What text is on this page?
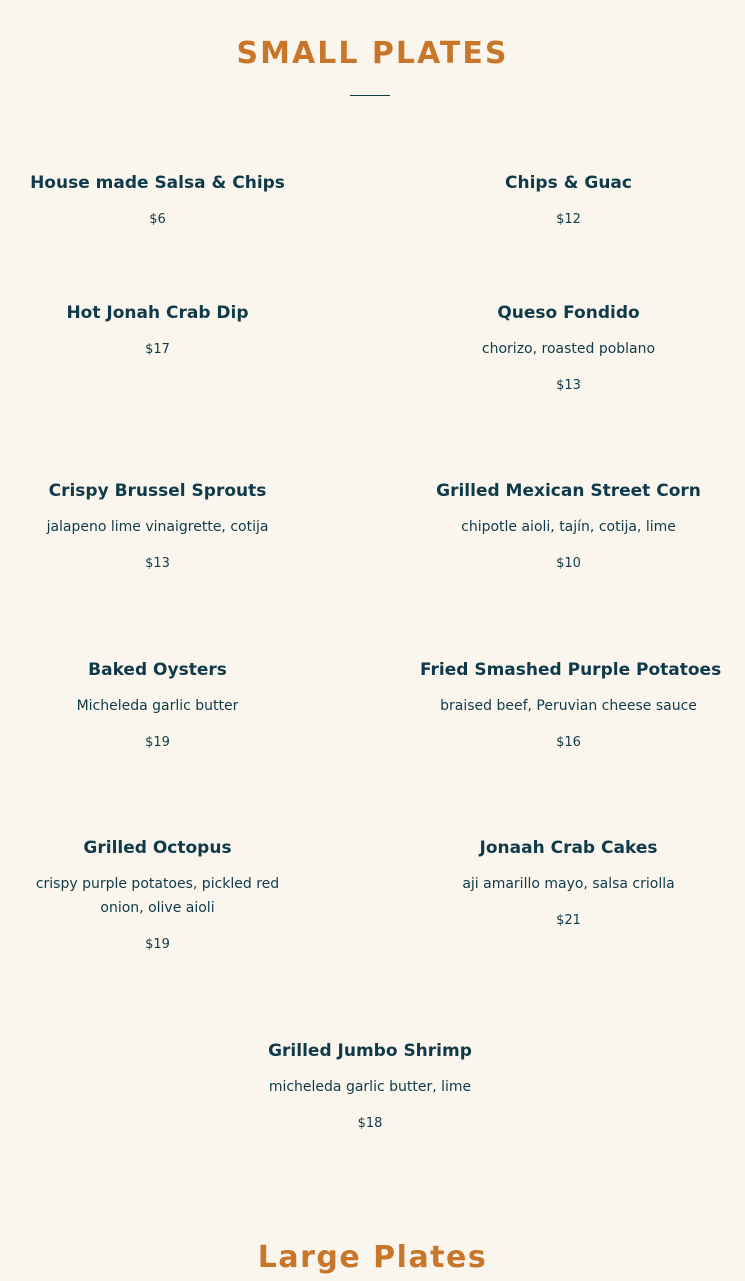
SMALL PLATES

House made Salsa & Chips

$6

Chips & Guac

$12

Hot Jonah Crab Dip

$17

Queso Fondido

chorizo, roasted poblano

$13

Crispy Brussel Sprouts

jalapeno lime vinaigrette, cotija

$13

Grilled Mexican Street Corn

chipotle aioli, tajín, cotija, lime

$10

Baked Oysters

Micheleda garlic butter

$19

Fried Smashed Purple Potatoes

braised beef, Peruvian cheese sauce

$16

Grilled Octopus

crispy purple potatoes, pickled red onion, olive aioli

$19

Jonaah Crab Cakes

aji amarillo mayo, salsa criolla

$21

Grilled Jumbo Shrimp

micheleda garlic butter, lime

$18

Large Plates
